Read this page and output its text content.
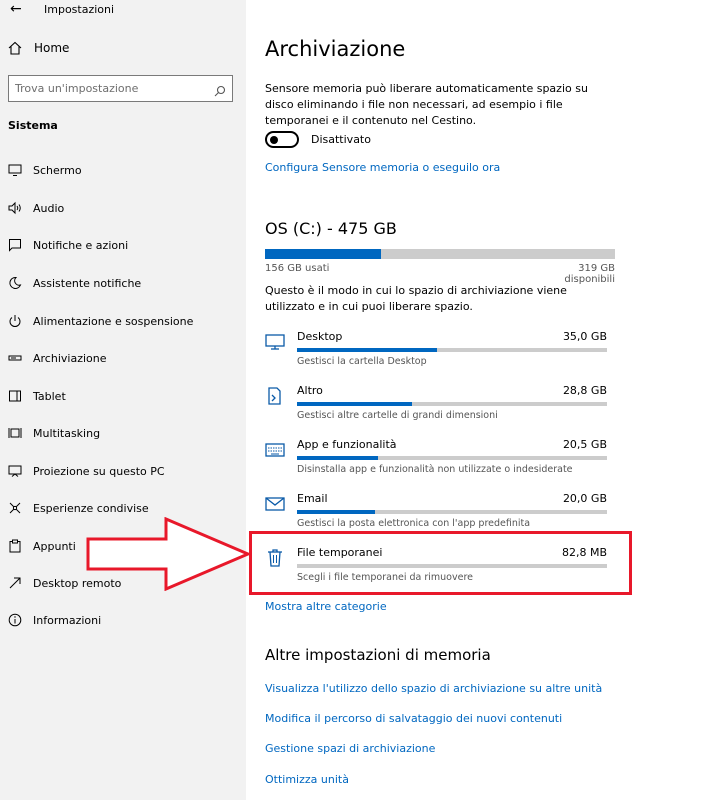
← Impostazioni
Home
Trova un'impostazione
Sistema
Schermo
Audio
Notifiche e azioni
Assistente notifiche
Alimentazione e sospensione
Archiviazione
Tablet
Multitasking
Proiezione su questo PC
Esperienze condivise
Appunti
Desktop remoto
Informazioni
Archiviazione
Sensore memoria può liberare automaticamente spazio su disco eliminando i file non necessari, ad esempio i file temporanei e il contenuto nel Cestino.
Disattivato
Configura Sensore memoria o eseguilo ora
OS (C:) - 475 GB
156 GB usati	319 GB disponibili
Questo è il modo in cui lo spazio di archiviazione viene utilizzato e in cui puoi liberare spazio.
Desktop	35,0 GB
Gestisci la cartella Desktop
Altro	28,8 GB
Gestisci altre cartelle di grandi dimensioni
App e funzionalità	20,5 GB
Disinstalla app e funzionalità non utilizzate o indesiderate
Email	20,0 GB
Gestisci la posta elettronica con l'app predefinita
File temporanei	82,8 MB
Scegli i file temporanei da rimuovere
Mostra altre categorie
Altre impostazioni di memoria
Visualizza l'utilizzo dello spazio di archiviazione su altre unità
Modifica il percorso di salvataggio dei nuovi contenuti
Gestione spazi di archiviazione
Ottimizza unità
